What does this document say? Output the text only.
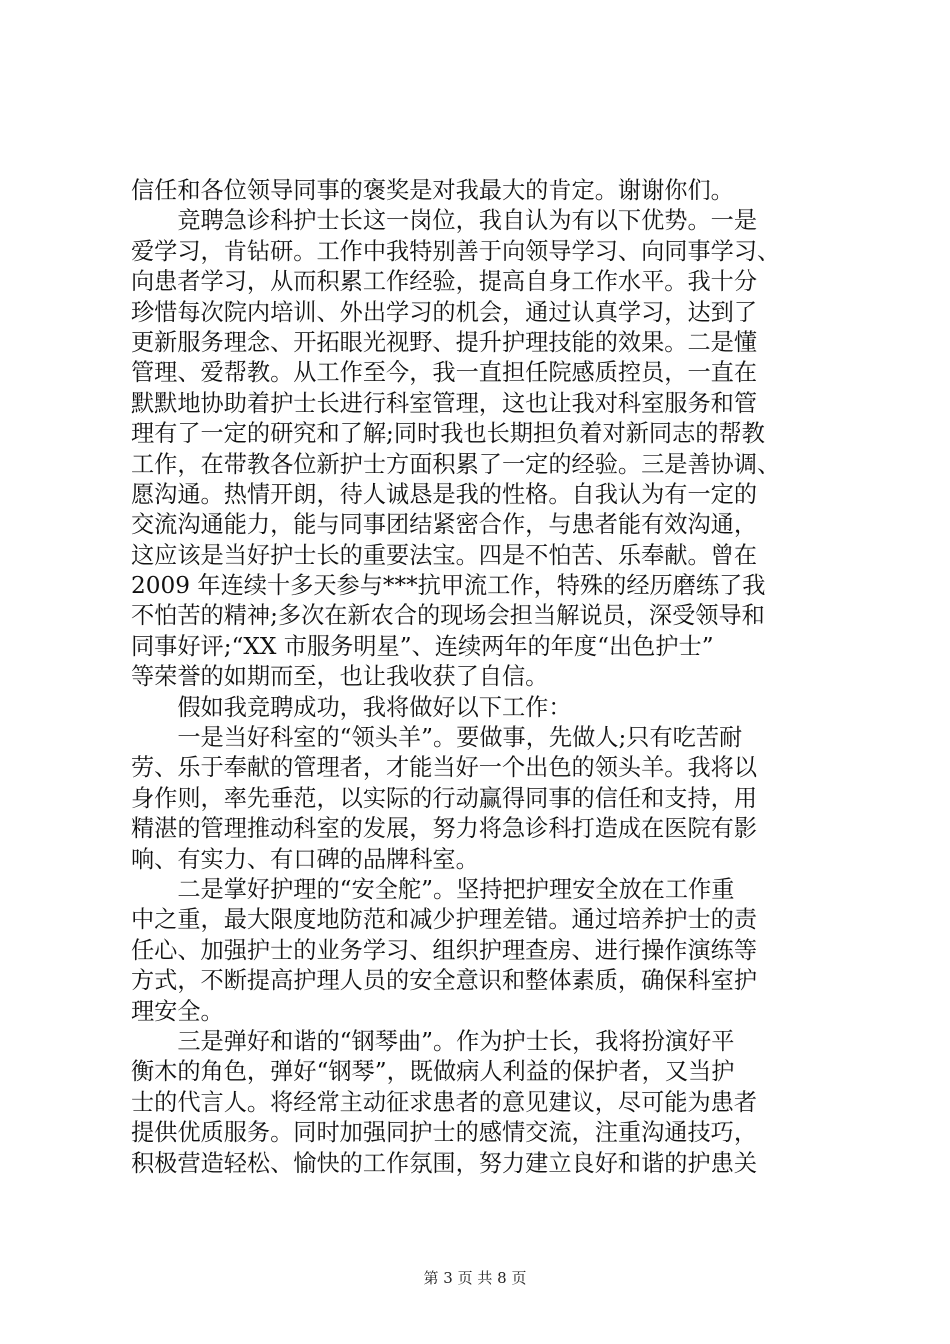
信任和各位领导同事的褒奖是对我最大的肯定。谢谢你们。
　　竞聘急诊科护士长这一岗位，我自认为有以下优势。一是
爱学习，肯钻研。工作中我特别善于向领导学习、向同事学习、
向患者学习，从而积累工作经验，提高自身工作水平。我十分
珍惜每次院内培训、外出学习的机会，通过认真学习，达到了
更新服务理念、开拓眼光视野、提升护理技能的效果。二是懂
管理、爱帮教。从工作至今，我一直担任院感质控员，一直在
默默地协助着护士长进行科室管理，这也让我对科室服务和管
理有了一定的研究和了解;同时我也长期担负着对新同志的帮教
工作，在带教各位新护士方面积累了一定的经验。三是善协调、
愿沟通。热情开朗，待人诚恳是我的性格。自我认为有一定的
交流沟通能力，能与同事团结紧密合作，与患者能有效沟通，
这应该是当好护士长的重要法宝。四是不怕苦、乐奉献。曾在
2009 年连续十多天参与***抗甲流工作，特殊的经历磨练了我
不怕苦的精神;多次在新农合的现场会担当解说员，深受领导和
同事好评;“XX 市服务明星”、连续两年的年度“出色护士”
等荣誉的如期而至，也让我收获了自信。
　　假如我竞聘成功，我将做好以下工作：
　　一是当好科室的“领头羊”。要做事，先做人;只有吃苦耐
劳、乐于奉献的管理者，才能当好一个出色的领头羊。我将以
身作则，率先垂范，以实际的行动赢得同事的信任和支持，用
精湛的管理推动科室的发展，努力将急诊科打造成在医院有影
响、有实力、有口碑的品牌科室。
　　二是掌好护理的“安全舵”。坚持把护理安全放在工作重
中之重，最大限度地防范和减少护理差错。通过培养护士的责
任心、加强护士的业务学习、组织护理查房、进行操作演练等
方式，不断提高护理人员的安全意识和整体素质，确保科室护
理安全。
　　三是弹好和谐的“钢琴曲”。作为护士长，我将扮演好平
衡木的角色，弹好“钢琴”，既做病人利益的保护者，又当护
士的代言人。将经常主动征求患者的意见建议，尽可能为患者
提供优质服务。同时加强同护士的感情交流，注重沟通技巧，
积极营造轻松、愉快的工作氛围，努力建立良好和谐的护患关
第 3 页 共 8 页
